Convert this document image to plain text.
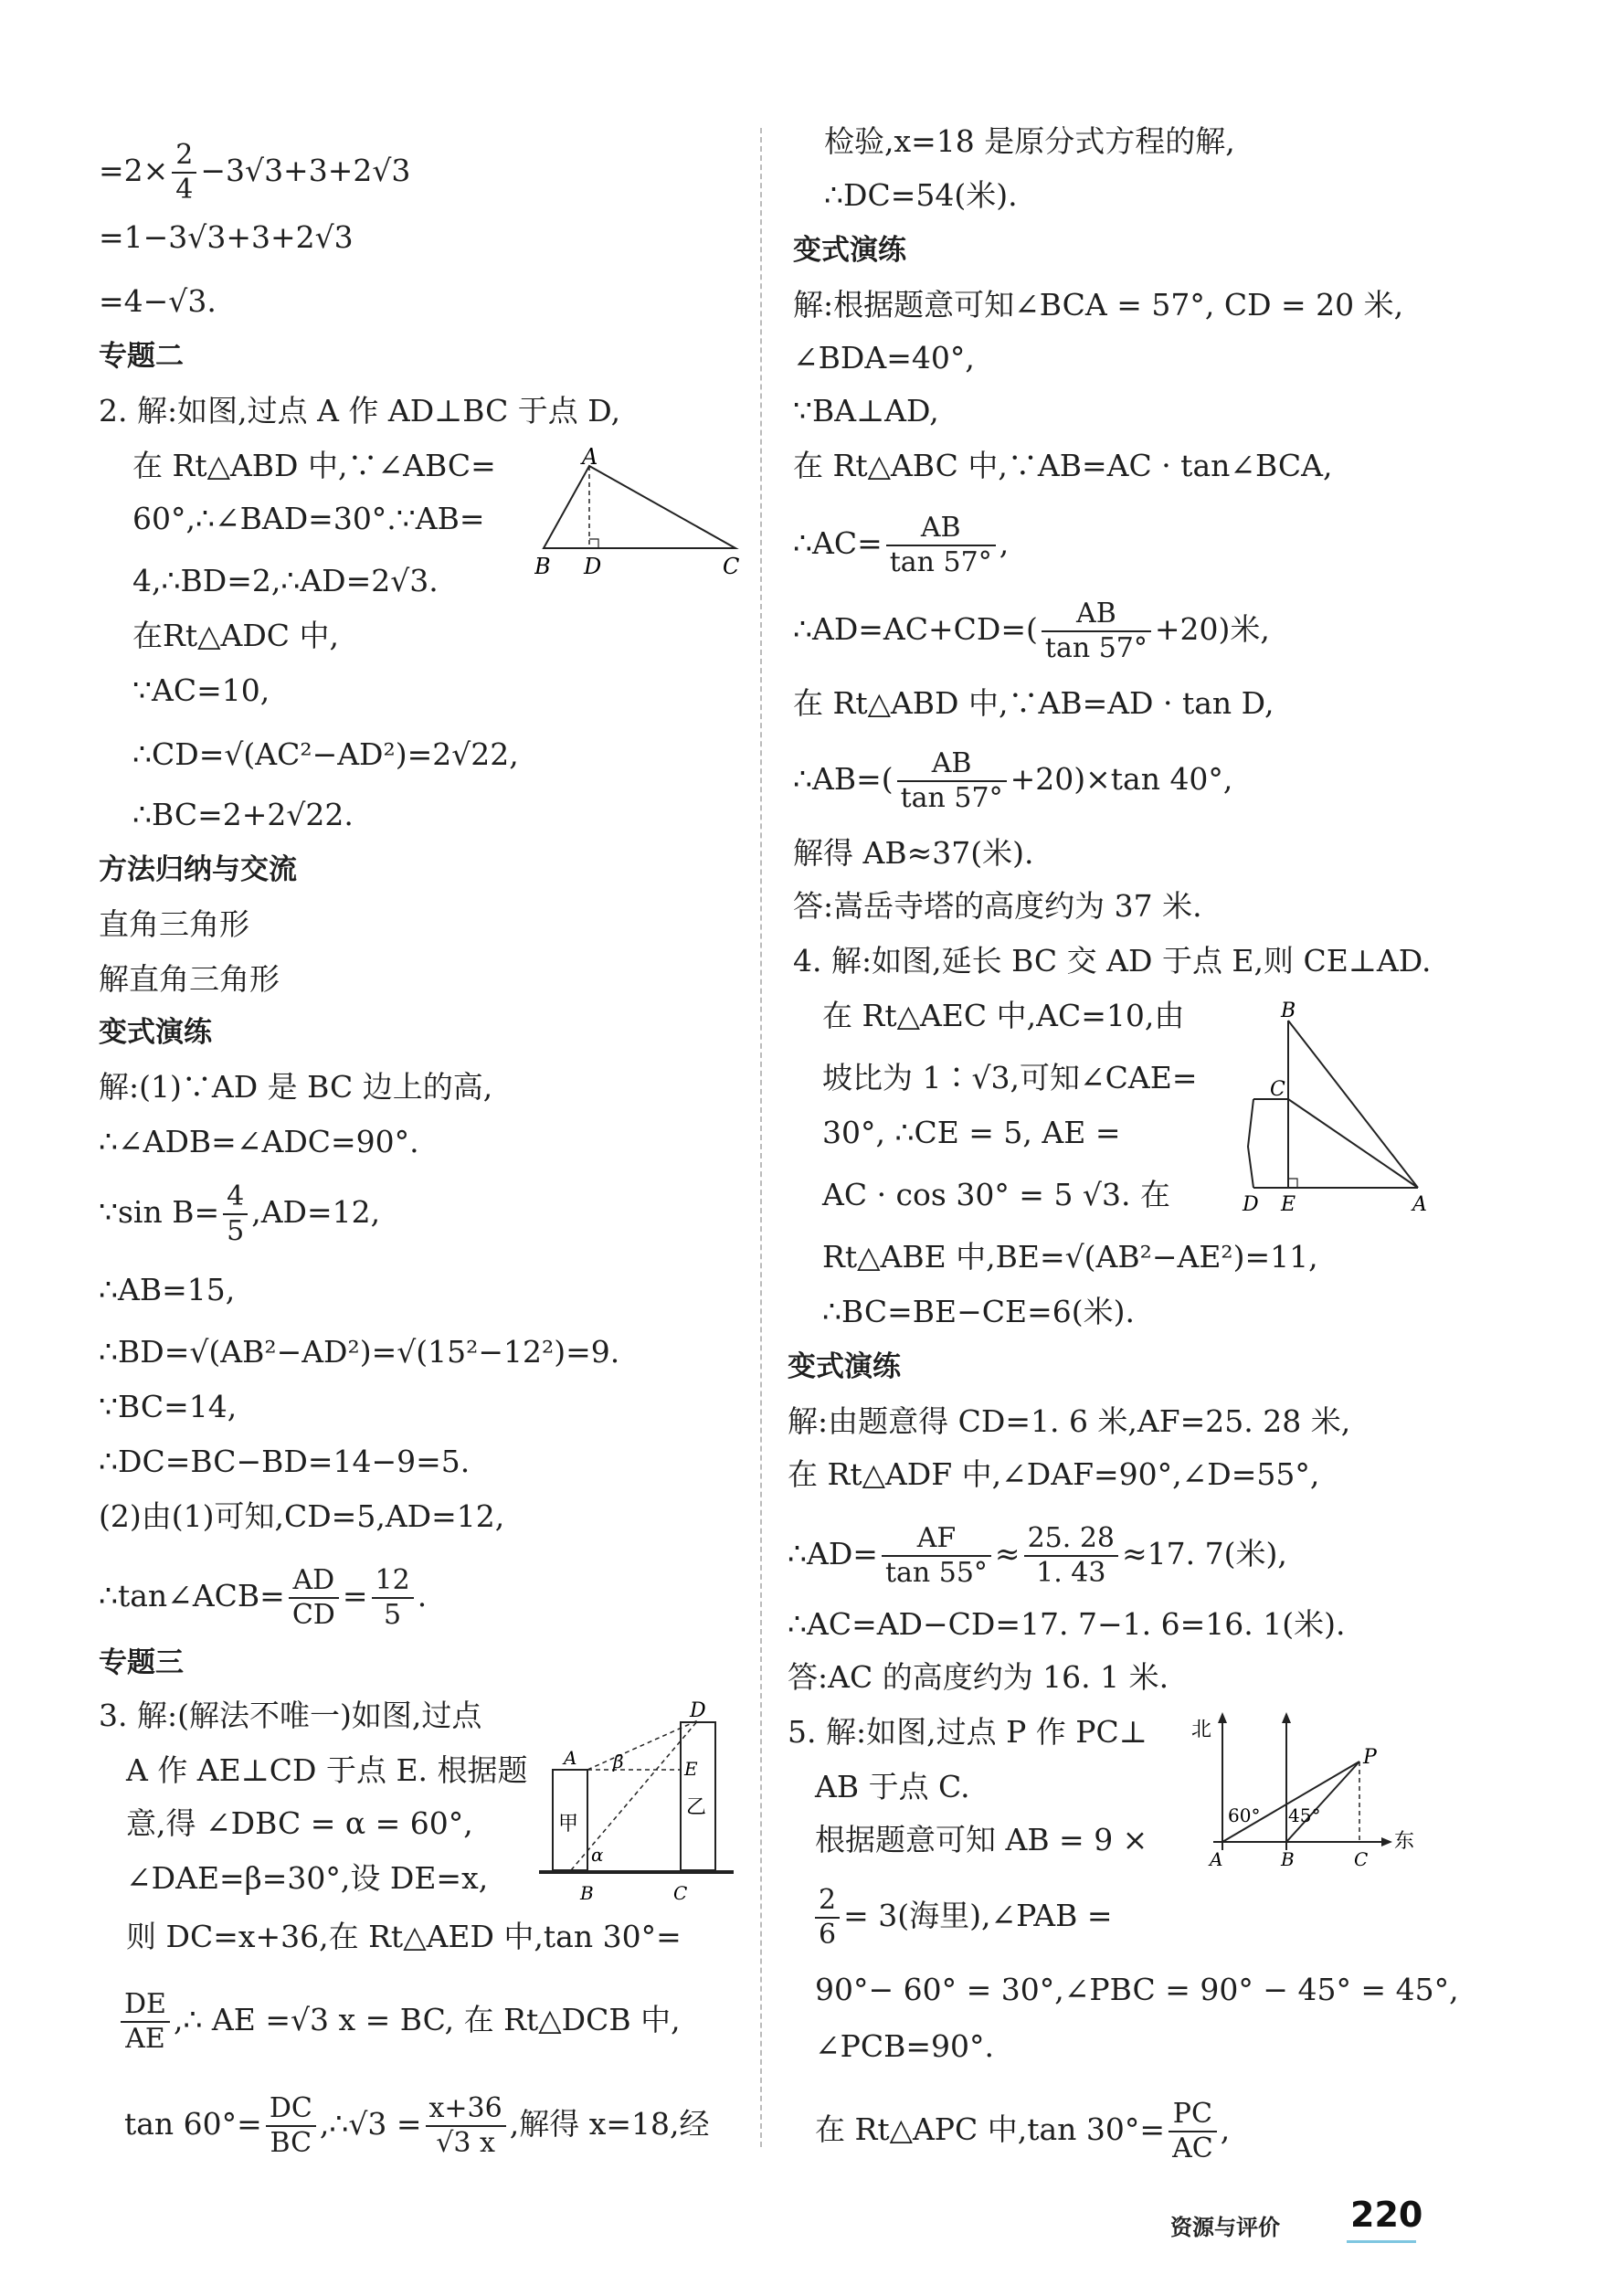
$=2\times \frac{2}{4} -3√3+3+2√3$
=1−3√3+3+2√3
=4−√3.
专题二
2. 解:如图,过点 A 作 AD⊥BC 于点 D,
在 Rt△ABD 中,∵∠ABC=
60°,∴∠BAD=30°.∵AB=
4,∴BD=2,∴AD=2√3.
在Rt△ADC 中,
∵AC=10,
∴CD=√(AC²−AD²)=2√22,
∴BC=2+2√22.
方法归纳与交流
直角三角形
解直角三角形
变式演练
解:(1)∵AD 是 BC 边上的高,
∴∠ADB=∠ADC=90°.
∵sin $B= \frac{4}{5} ,AD=12$,
∴AB=15,
∴BD=√(AB²−AD²)=√(15²−12²)=9.
∵BC=14,
∴DC=BC−BD=14−9=5.
(2)由(1)可知,CD=5,AD=12,
∴tan∠ACB= $\frac{AD}{CD} = \frac{12}{5}$ .
专题三
3. 解:(解法不唯一)如图,过点
A 作 AE⊥CD 于点 E. 根据题
意,得 ∠DBC = α = 60°,
∠DAE=β=30°,设 DE=x,
则 DC=x+36,在 Rt△AED 中,tan 30°=
$\frac{DE}{AE}$ ,∴ AE =√3 x = BC, 在 Rt△DCB 中,
$\tan 60^\circ= \frac{DC}{BC}$ ,∴√3 = $\frac{x+36}{√3 x}$ ,解得 x=18,经
A
B D	C
甲
乙
D
A β	E
α
B	C
检验,x=18 是原分式方程的解,
∴DC=54(米).
变式演练
解:根据题意可知∠BCA = 57°, CD = 20 米,
∠BDA=40°,
∵BA⊥AD,
在 Rt△ABC 中,∵AB=AC · tan∠BCA,
∴AC= $\frac{AB}{\tan 57^\circ}$ ,
∴AD=AC+CD=( $\frac{AB}{\tan 57^\circ} +20$)米,
在 Rt△ABD 中,∵AB=AD · tan D,
∴AB=( $\frac{AB}{\tan 57^\circ} +20)\times\tan$ 40°,
解得 AB≈37(米).
答:嵩岳寺塔的高度约为 37 米.
4. 解:如图,延长 BC 交 AD 于点 E,则 CE⊥AD.
在 Rt△AEC 中,AC=10,由
坡比为 1∶√3,可知∠CAE=
30°, ∴CE = 5, AE =
AC · cos 30° = 5 √3. 在
Rt△ABE 中,BE=√(AB²−AE²)=11,
∴BC=BE−CE=6(米).
变式演练
解:由题意得 CD=1. 6 米,AF=25. 28 米,
在 Rt△ADF 中,∠DAF=90°,∠D=55°,
∴AD= $\frac{AF}{\tan 55^\circ} \approx \frac{25. 28}{1. 43} \approx 17$. 7(米),
∴AC=AD−CD=17. 7−1. 6=16. 1(米).
答:AC 的高度约为 16. 1 米.
5. 解:如图,过点 P 作 PC⊥
AB 于点 C.
根据题意可知 AB = 9 ×
$\frac{2}{6} = 3$(海里),∠PAB =
90°− 60° = 30°,∠PBC = 90° − 45° = 45°,
∠PCB=90°.
在 Rt△APC 中,tan $30^\circ= \frac{PC}{AC}$ ,
B
C
D E	A
北
东
P
60° 45°
A	B	C
资源与评价 220
